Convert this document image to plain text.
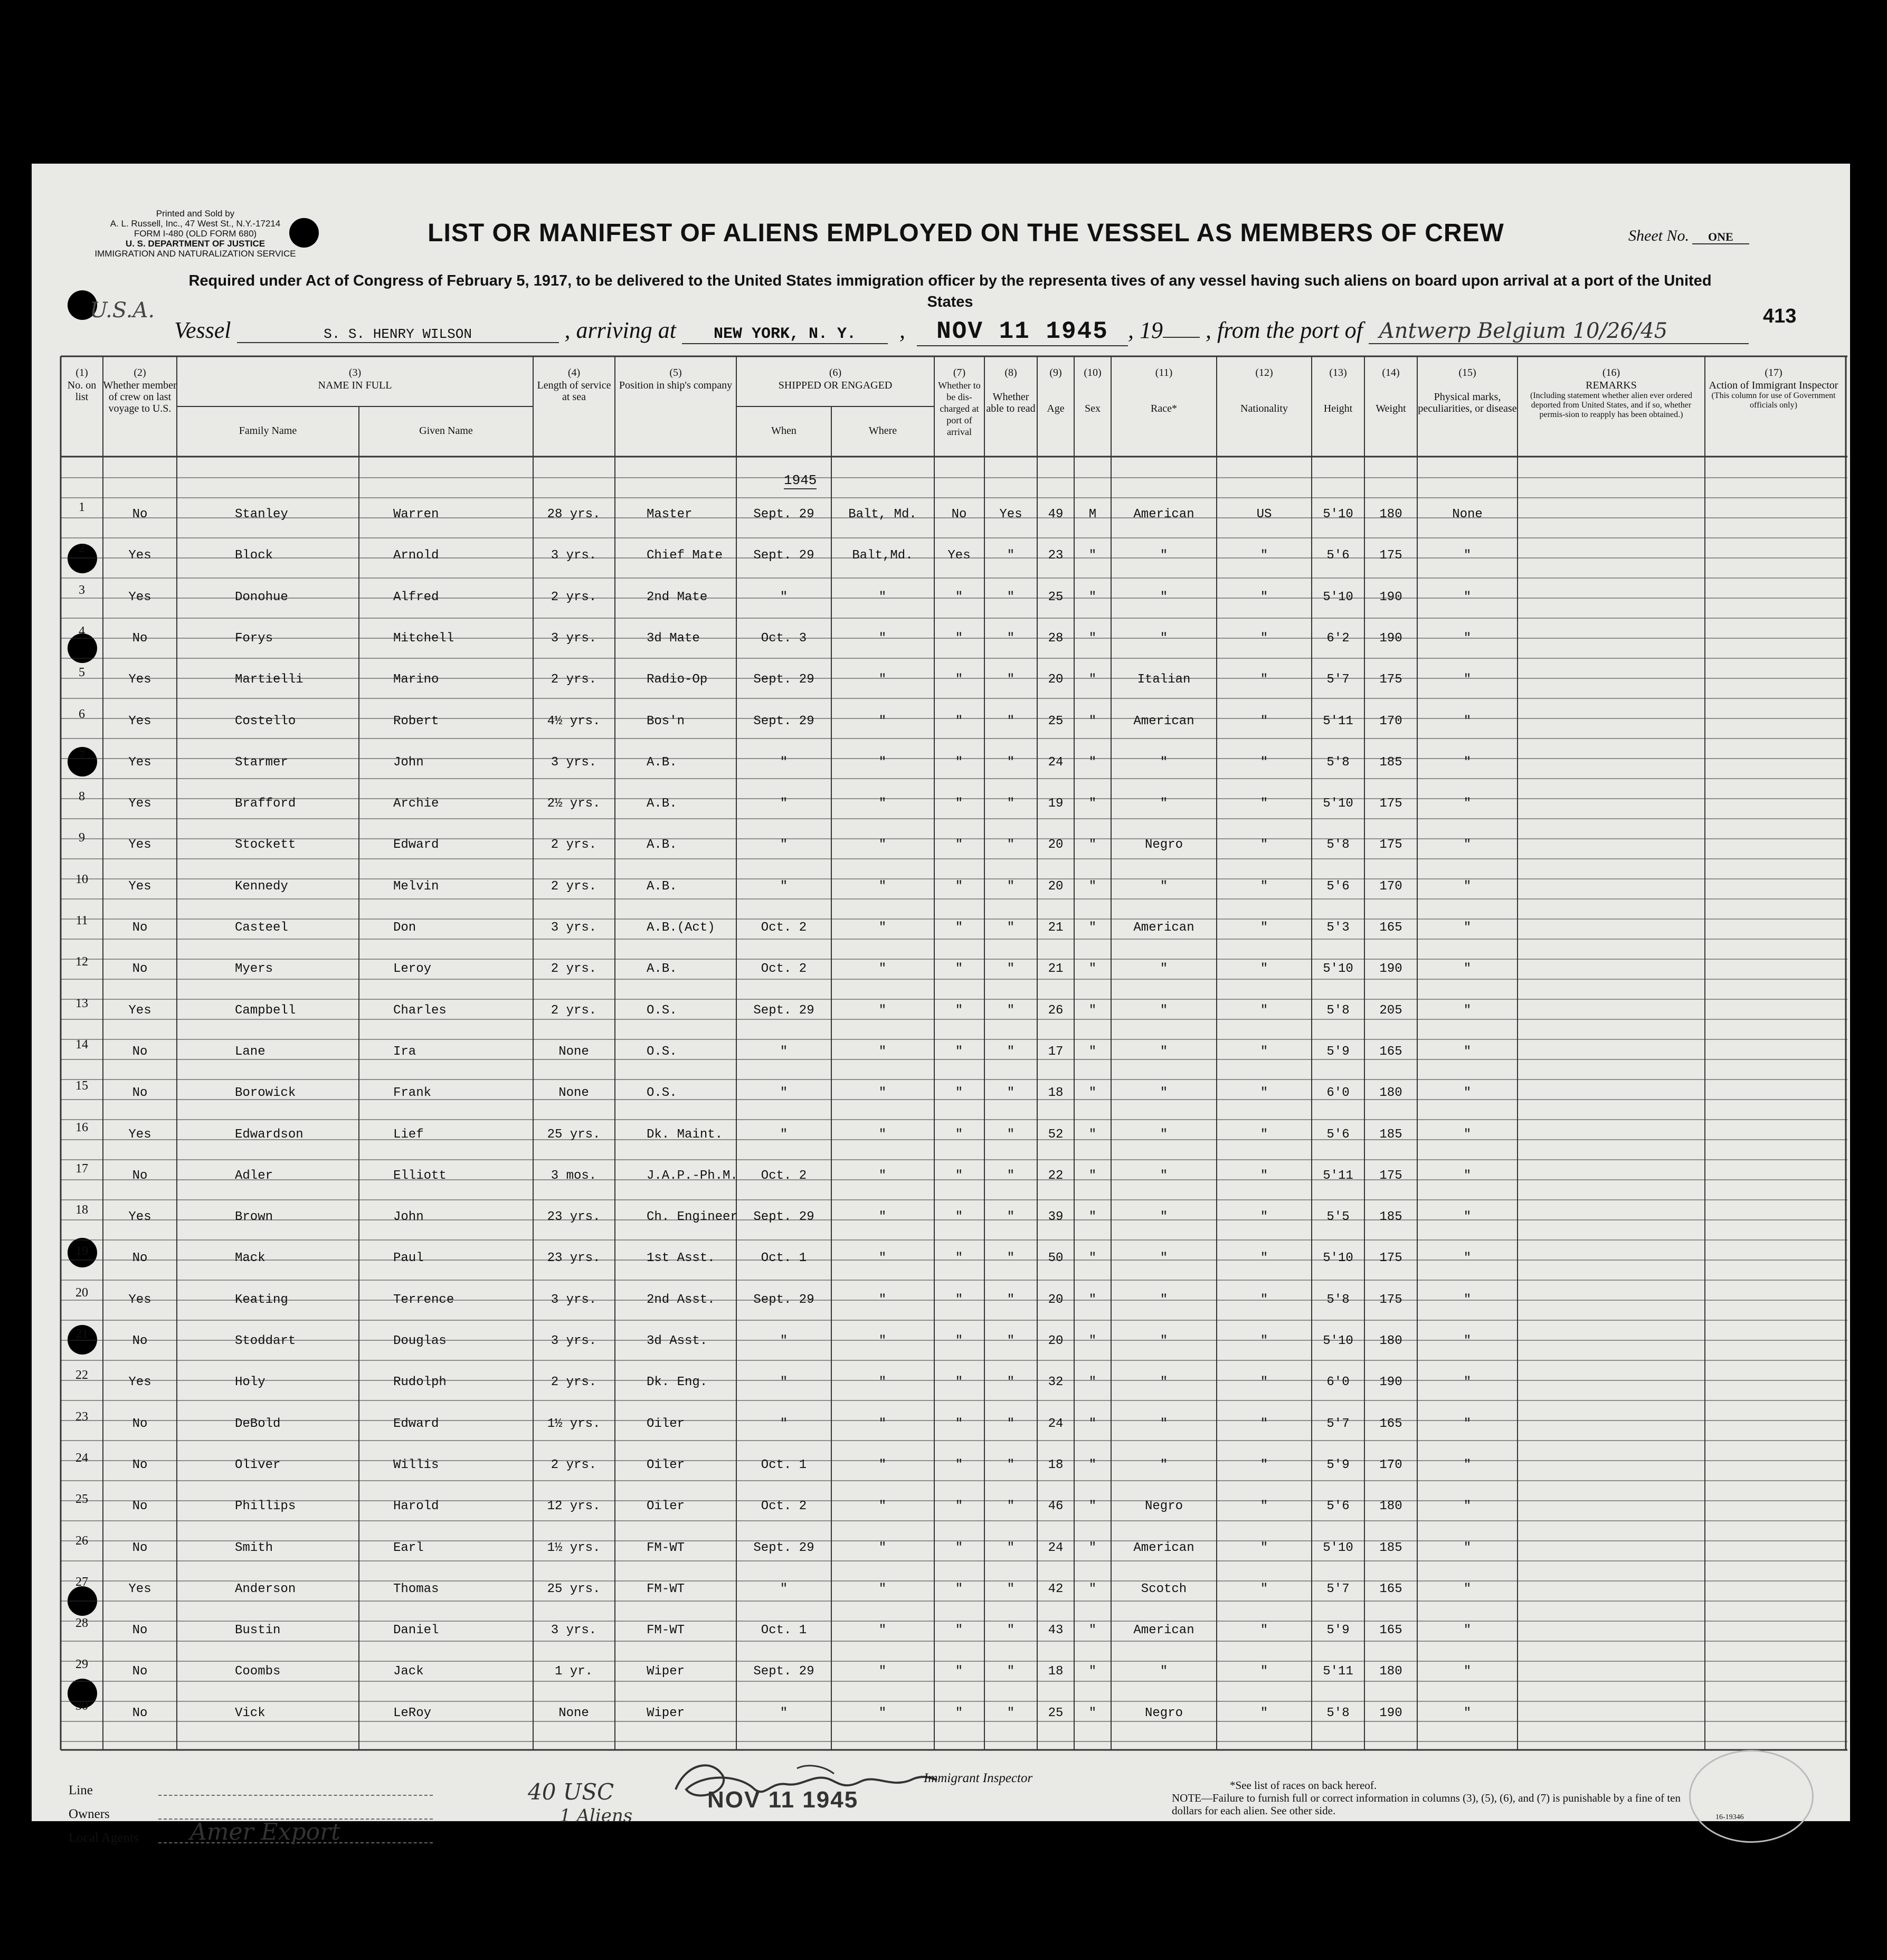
Printed and Sold by
A. L. Russell, Inc., 47 West St., N.Y.-17214
FORM I-480 (OLD FORM 680)
U. S. DEPARTMENT OF JUSTICE
IMMIGRATION AND NATURALIZATION SERVICE
LIST OR MANIFEST OF ALIENS EMPLOYED ON THE VESSEL AS MEMBERS OF CREW	Sheet No. ONE
Required under Act of Congress of February 5, 1917, to be delivered to the United States immigration officer by the representa tives of any vessel having such aliens on board upon arrival at a port of the United States
413
U.S.A.
Vessel	S. S. HENRY WILSON	, arriving at NEW YORK, N. Y.  ,  NOV 11 1945 , 19 , from the port of Antwerp Belgium 10/26/45
(1)
No. on list
(2)
Whether member of crew on last voyage to U.S.
(3)
NAME IN FULL
Family Name	Given Name
(4)
Length of service at sea
(5)
Position in ship's company
(6)
SHIPPED OR ENGAGED
When	Where
(7)
Whether to be dis-charged at port of arrival
(8)

Whether able to read
(9)

Age
(10)

Sex
(11)

Race*
(12)

Nationality
(13)

Height
(14)

Weight
(15)

Physical marks, peculiarities, or disease
(16)
REMARKS

(Including statement whether alien ever ordered deported from United States, and if so, whether permis-sion to reapply has been obtained.)
(17)
Action of Immigrant Inspector

(This column for use of Government officials only)
1945
1	No	Stanley	Warren	28 yrs.	Master	Sept. 29	Balt, Md.	No	Yes 49 M	American	US	5'10 180	None
2	Yes	Block	Arnold	3 yrs.	Chief Mate Sept. 29	Balt,Md.	Yes	"	23 "	"	"	5'6 175	"
3	Yes	Donohue	Alfred	2 yrs.	2nd Mate	"	"	"	"	25 "	"	"	5'10 190	"
4	No	Forys	Mitchell	3 yrs.	3d Mate	Oct. 3	"	"	"	28 "	"	"	6'2 190	"
5	Yes	Martielli	Marino	2 yrs.	Radio-Op	Sept. 29	"	"	"	20 "	Italian	"	5'7 175	"
6	Yes	Costello	Robert	4½ yrs.	Bos'n	Sept. 29	"	"	"	25 "	American	"	5'11 170	"
7	Yes	Starmer	John	3 yrs.	A.B.	"	"	"	"	24 "	"	"	5'8 185	"
8	Yes	Brafford	Archie	2½ yrs.	A.B.	"	"	"	"	19 "	"	"	5'10 175	"
9	Yes	Stockett	Edward	2 yrs.	A.B.	"	"	"	"	20 "	Negro	"	5'8 175	"
10	Yes	Kennedy	Melvin	2 yrs.	A.B.	"	"	"	"	20 "	"	"	5'6 170	"
11	No	Casteel	Don	3 yrs.	A.B.(Act)	Oct. 2	"	"	"	21 "	American	"	5'3 165	"
12	No	Myers	Leroy	2 yrs.	A.B.	Oct. 2	"	"	"	21 "	"	"	5'10 190	"
13	Yes	Campbell	Charles	2 yrs.	O.S.	Sept. 29	"	"	"	26 "	"	"	5'8 205	"
14	No	Lane	Ira	None	O.S.	"	"	"	"	17 "	"	"	5'9 165	"
15	No	Borowick	Frank	None	O.S.	"	"	"	"	18 "	"	"	6'0 180	"
16	Yes	Edwardson	Lief	25 yrs.	Dk. Maint.	"	"	"	"	52 "	"	"	5'6 185	"
17	No	Adler	Elliott	3 mos.	J.A.P.-Ph.M. Oct. 2	"	"	"	22 "	"	"	5'11 175	"
18	Yes	Brown	John	23 yrs.	Ch. Engineer Sept. 29	"	"	"	39 "	"	"	5'5 185	"
19	No	Mack	Paul	23 yrs.	1st Asst.	Oct. 1	"	"	"	50 "	"	"	5'10 175	"
20	Yes	Keating	Terrence	3 yrs.	2nd Asst.	Sept. 29	"	"	"	20 "	"	"	5'8 175	"
21	No	Stoddart	Douglas	3 yrs.	3d Asst.	"	"	"	"	20 "	"	"	5'10 180	"
22	Yes	Holy	Rudolph	2 yrs.	Dk. Eng.	"	"	"	"	32 "	"	"	6'0 190	"
23	No	DeBold	Edward	1½ yrs.	Oiler	"	"	"	"	24 "	"	"	5'7 165	"
24	No	Oliver	Willis	2 yrs.	Oiler	Oct. 1	"	"	"	18 "	"	"	5'9 170	"
25	No	Phillips	Harold	12 yrs.	Oiler	Oct. 2	"	"	"	46 "	Negro	"	5'6 180	"
26	No	Smith	Earl	1½ yrs.	FM-WT	Sept. 29	"	"	"	24 "	American	"	5'10 185	"
27	Yes	Anderson	Thomas	25 yrs.	FM-WT	"	"	"	"	42 "	Scotch	"	5'7 165	"
28	No	Bustin	Daniel	3 yrs.	FM-WT	Oct. 1	"	"	"	43 "	American	"	5'9 165	"
29	No	Coombs	Jack	1 yr.	Wiper	Sept. 29	"	"	"	18 "	"	"	5'11 180	"
30	No	Vick	LeRoy	None	Wiper	"	"	"	"	25 "	Negro	"	5'8 190	"
Line
Owners
Local Agents Amer Export
40 USC
1 Aliens
NOV 11 1945
Immigrant Inspector	*See list of races on back hereof.
NOTE—Failure to furnish full or correct information in columns (3), (5), (6), and (7) is punishable by a fine of ten dollars for each alien. See other side.
16-19346
